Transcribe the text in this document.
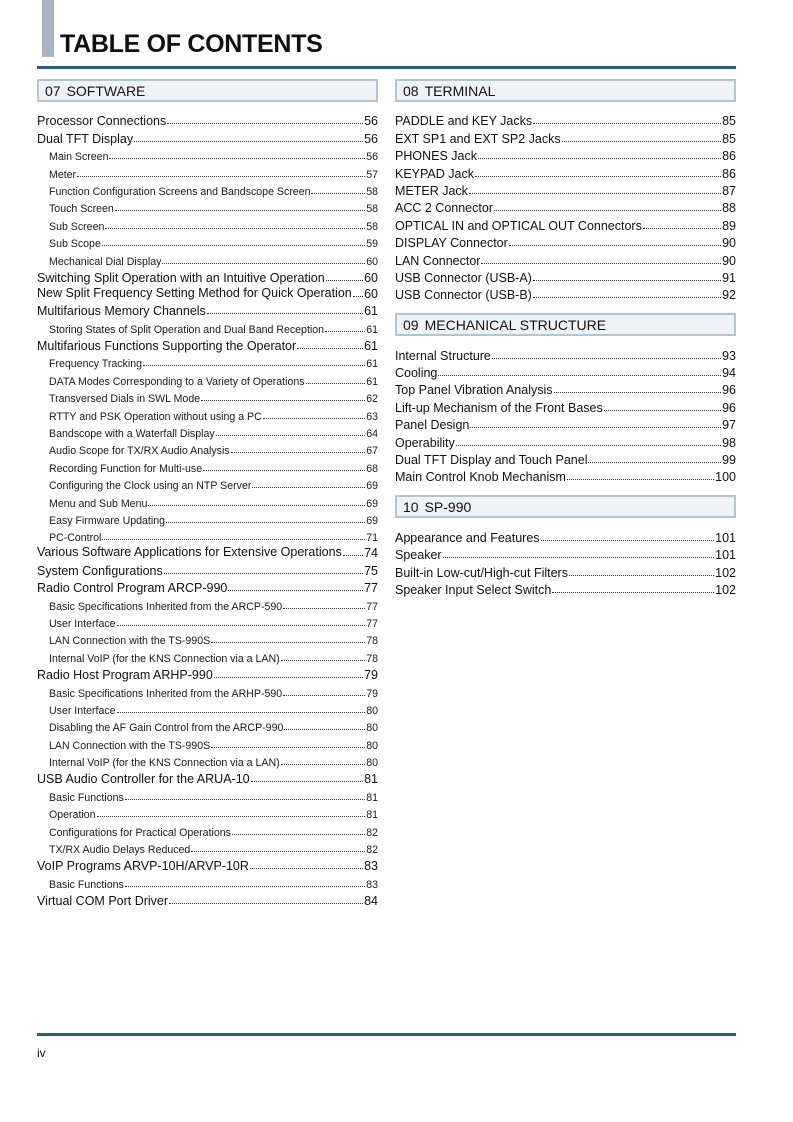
TABLE OF CONTENTS
07 SOFTWARE
Processor Connections	56
Dual TFT Display	56
Main Screen	56
Meter	57
Function Configuration Screens and Bandscope Screen	58
Touch Screen	58
Sub Screen	58
Sub Scope	59
Mechanical Dial Display	60
Switching Split Operation with an Intuitive Operation	60
New Split Frequency Setting Method for Quick Operation 60
Multifarious Memory Channels	61
Storing States of Split Operation and Dual Band Reception	61
Multifarious Functions Supporting the Operator	61
Frequency Tracking	61
DATA Modes Corresponding to a Variety of Operations	61
Transversed Dials in SWL Mode	62
RTTY and PSK Operation without using a PC	63
Bandscope with a Waterfall Display	64
Audio Scope for TX/RX Audio Analysis	67
Recording Function for Multi-use	68
Configuring the Clock using an NTP Server	69
Menu and Sub Menu	69
Easy Firmware Updating	69
PC-Control	71
Various Software Applications for Extensive Operations 74
System Configurations	75
Radio Control Program ARCP-990	77
Basic Specifications Inherited from the ARCP-590	77
User Interface	77
LAN Connection with the TS-990S	78
Internal VoIP (for the KNS Connection via a LAN)	78
Radio Host Program ARHP-990	79
Basic Specifications Inherited from the ARHP-590	79
User Interface	80
Disabling the AF Gain Control from the ARCP-990	80
LAN Connection with the TS-990S	80
Internal VoIP (for the KNS Connection via a LAN)	80
USB Audio Controller for the ARUA-10	81
Basic Functions	81
Operation	81
Configurations for Practical Operations	82
TX/RX Audio Delays Reduced	82
VoIP Programs ARVP-10H/ARVP-10R	83
Basic Functions	83
Virtual COM Port Driver	84
08 TERMINAL
PADDLE and KEY Jacks	85
EXT SP1 and EXT SP2 Jacks	85
PHONES Jack	86
KEYPAD Jack	86
METER Jack	87
ACC 2 Connector	88
OPTICAL IN and OPTICAL OUT Connectors	89
DISPLAY Connector	90
LAN Connector	90
USB Connector (USB-A)	91
USB Connector (USB-B)	92
09 MECHANICAL STRUCTURE
Internal Structure	93
Cooling	94
Top Panel Vibration Analysis	96
Lift-up Mechanism of the Front Bases	96
Panel Design	97
Operability	98
Dual TFT Display and Touch Panel	99
Main Control Knob Mechanism	100
10 SP-990
Appearance and Features	101
Speaker	101
Built-in Low-cut/High-cut Filters	102
Speaker Input Select Switch	102
iv
